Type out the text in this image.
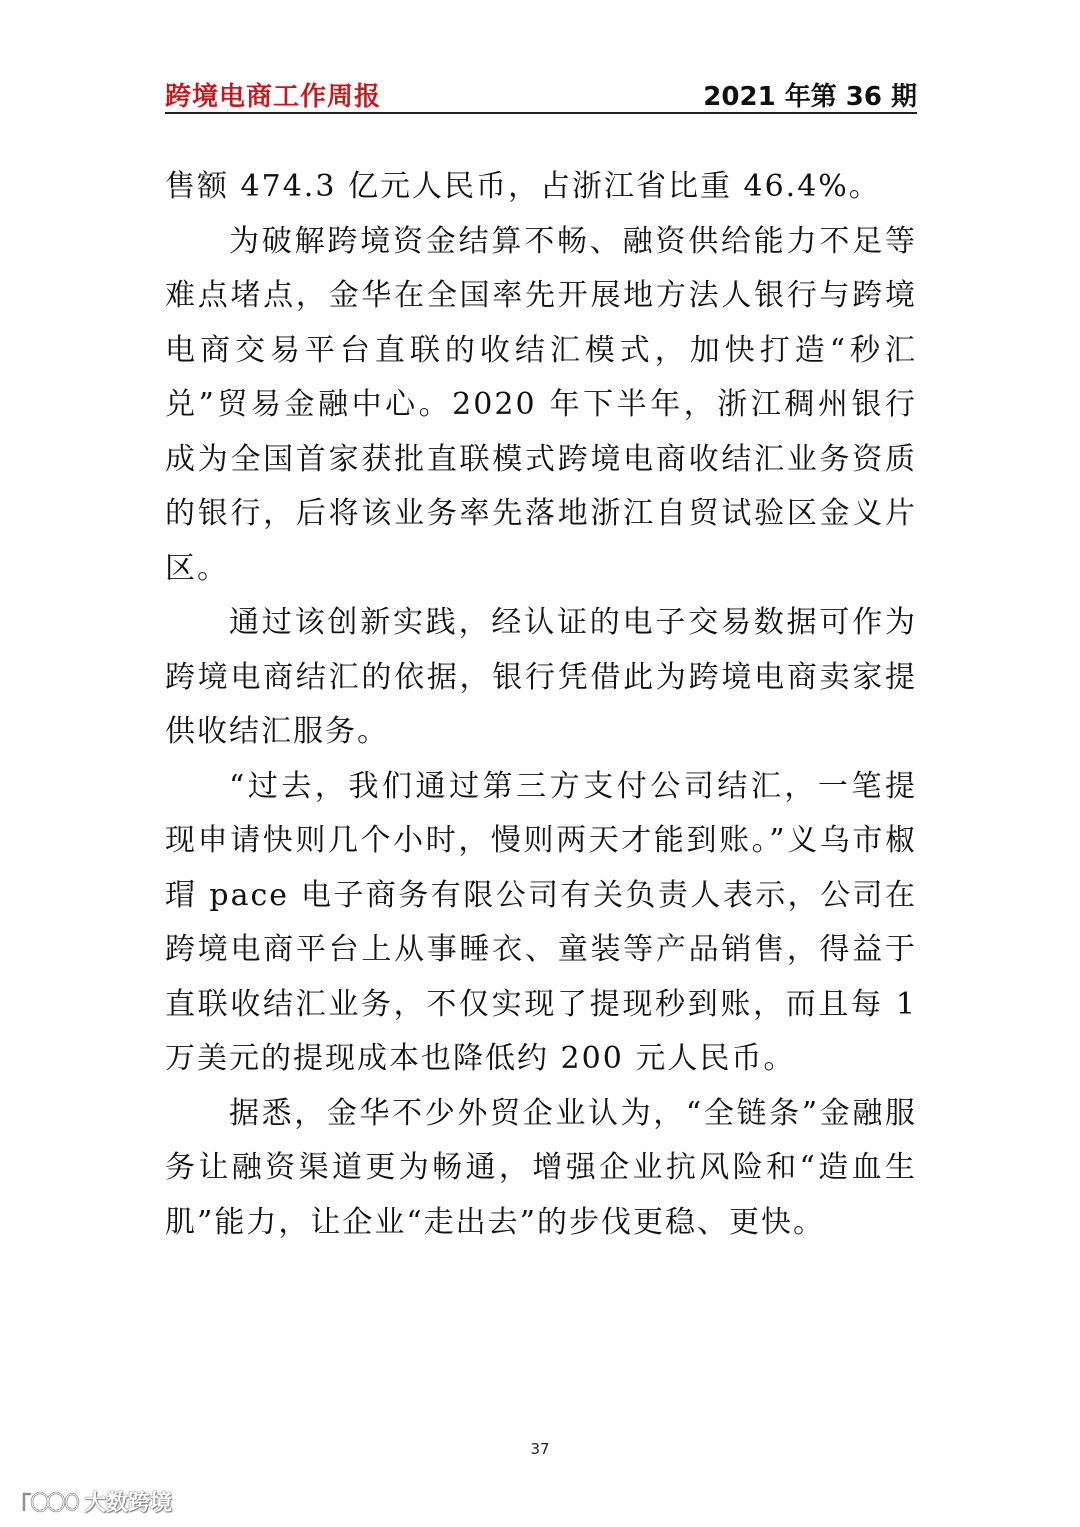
跨境电商工作周报	2021 年第 36 期

售额 474.3 亿元人民币，占浙江省比重 46.4%。

为破解跨境资金结算不畅、融资供给能力不足等难点堵点，金华在全国率先开展地方法人银行与跨境电商交易平台直联的收结汇模式，加快打造“秒汇兑”贸易金融中心。2020 年下半年，浙江稠州银行成为全国首家获批直联模式跨境电商收结汇业务资质的银行，后将该业务率先落地浙江自贸试验区金义片区。

通过该创新实践，经认证的电子交易数据可作为跨境电商结汇的依据，银行凭借此为跨境电商卖家提供收结汇服务。

“过去，我们通过第三方支付公司结汇，一笔提现申请快则几个小时，慢则两天才能到账。”义乌市椒瑁 pace 电子商务有限公司有关负责人表示，公司在跨境电商平台上从事睡衣、童装等产品销售，得益于直联收结汇业务，不仅实现了提现秒到账，而且每 1 万美元的提现成本也降低约 200 元人民币。

据悉，金华不少外贸企业认为，“全链条”金融服务让融资渠道更为畅通，增强企业抗风险和“造血生肌”能力，让企业“走出去”的步伐更稳、更快。

37
大数跨境
